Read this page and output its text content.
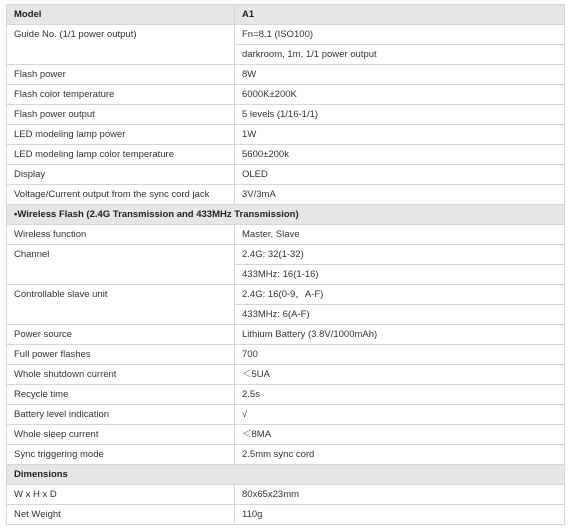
Model	A1
Guide No. (1/1 power output)	Fn=8.1 (ISO100)
	darkroom, 1m, 1/1 power output
Flash power	8W
Flash color temperature	6000K±200K
Flash power output	5 levels (1/16-1/1)
LED modeling lamp power	1W
LED modeling lamp color temperature	5600±200k
Display	OLED
Voltage/Current output from the sync cord jack	3V/3mA
•Wireless Flash (2.4G Transmission and 433MHz Transmission)	
Wireless function	Master, Slave
Channel	2.4G: 32(1-32)
	433MHz: 16(1-16)
Controllable slave unit	2.4G: 16(0-9，A-F)
	433MHz: 6(A-F)
Power source	Lithium Battery (3.8V/1000mAh)
Full power flashes	700
Whole shutdown current	＜5UA
Recycle time	2.5s
Battery level indication	√
Whole sleep current	＜8MA
Sync triggering mode	2.5mm sync cord
Dimensions	
W x H x D	80x65x23mm
Net Weight	110g
